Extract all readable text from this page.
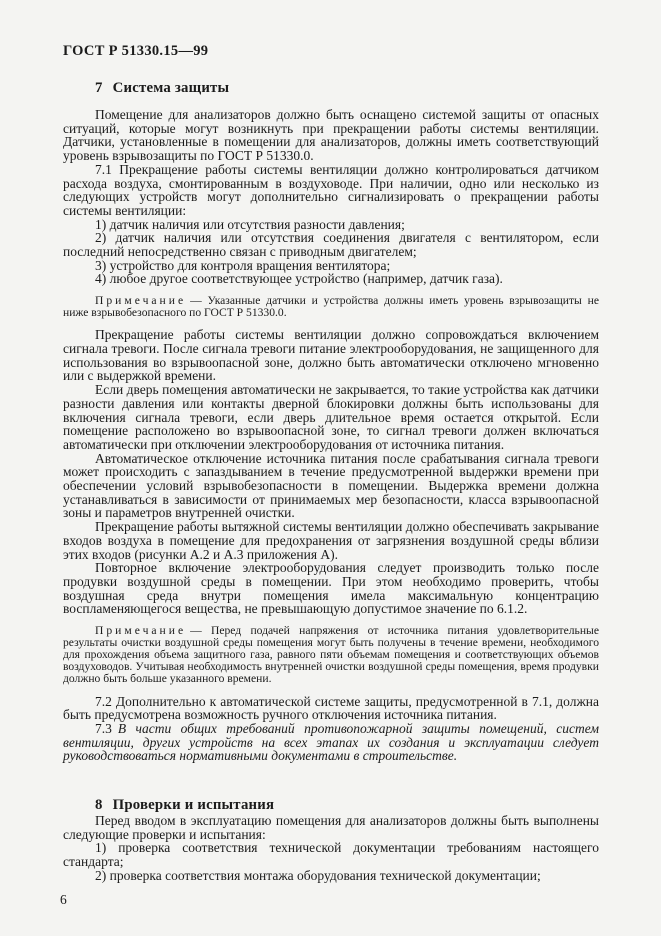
ГОСТ Р 51330.15—99
7 Система защиты

Помещение для анализаторов должно быть оснащено системой защиты от опасных ситуаций, которые могут возникнуть при прекращении работы системы вентиляции. Датчики, установленные в помещении для анализаторов, должны иметь соответствующий уровень взрывозащиты по ГОСТ Р 51330.0.

7.1 Прекращение работы системы вентиляции должно контролироваться датчиком расхода воздуха, смонтированным в воздуховоде. При наличии, одно или несколько из следующих устройств могут дополнительно сигнализировать о прекращении работы системы вентиляции:

1) датчик наличия или отсутствия разности давления;

2) датчик наличия или отсутствия соединения двигателя с вентилятором, если последний непосредственно связан с приводным двигателем;

3) устройство для контроля вращения вентилятора;

4) любое другое соответствующее устройство (например, датчик газа).

Примечание — Указанные датчики и устройства должны иметь уровень взрывозащиты не ниже взрывобезопасного по ГОСТ Р 51330.0.

Прекращение работы системы вентиляции должно сопровождаться включением сигнала тревоги. После сигнала тревоги питание электрооборудования, не защищенного для использования во взрывоопасной зоне, должно быть автоматически отключено мгновенно или с выдержкой времени.

Если дверь помещения автоматически не закрывается, то такие устройства как датчики разности давления или контакты дверной блокировки должны быть использованы для включения сигнала тревоги, если дверь длительное время остается открытой. Если помещение расположено во взрывоопасной зоне, то сигнал тревоги должен включаться автоматически при отключении электрооборудования от источника питания.

Автоматическое отключение источника питания после срабатывания сигнала тревоги может происходить с запаздыванием в течение предусмотренной выдержки времени при обеспечении условий взрывобезопасности в помещении. Выдержка времени должна устанавливаться в зависимости от принимаемых мер безопасности, класса взрывоопасной зоны и параметров внутренней очистки.

Прекращение работы вытяжной системы вентиляции должно обеспечивать закрывание входов воздуха в помещение для предохранения от загрязнения воздушной среды вблизи этих входов (рисунки А.2 и А.3 приложения А).

Повторное включение электрооборудования следует производить только после продувки воздушной среды в помещении. При этом необходимо проверить, чтобы воздушная среда внутри помещения имела максимальную концентрацию воспламеняющегося вещества, не превышающую допустимое значение по 6.1.2.

Примечание — Перед подачей напряжения от источника питания удовлетворительные результаты очистки воздушной среды помещения могут быть получены в течение времени, необходимого для прохождения объема защитного газа, равного пяти объемам помещения и соответствующих объемов воздуховодов. Учитывая необходимость внутренней очистки воздушной среды помещения, время продувки должно быть больше указанного времени.

7.2 Дополнительно к автоматической системе защиты, предусмотренной в 7.1, должна быть предусмотрена возможность ручного отключения источника питания.

7.3 В части общих требований противопожарной защиты помещений, систем вентиляции, других устройств на всех этапах их создания и эксплуатации следует руководствоваться нормативными документами в строительстве.

8 Проверки и испытания

Перед вводом в эксплуатацию помещения для анализаторов должны быть выполнены следующие проверки и испытания:

1) проверка соответствия технической документации требованиям настоящего стандарта;

2) проверка соответствия монтажа оборудования технической документации;

6
